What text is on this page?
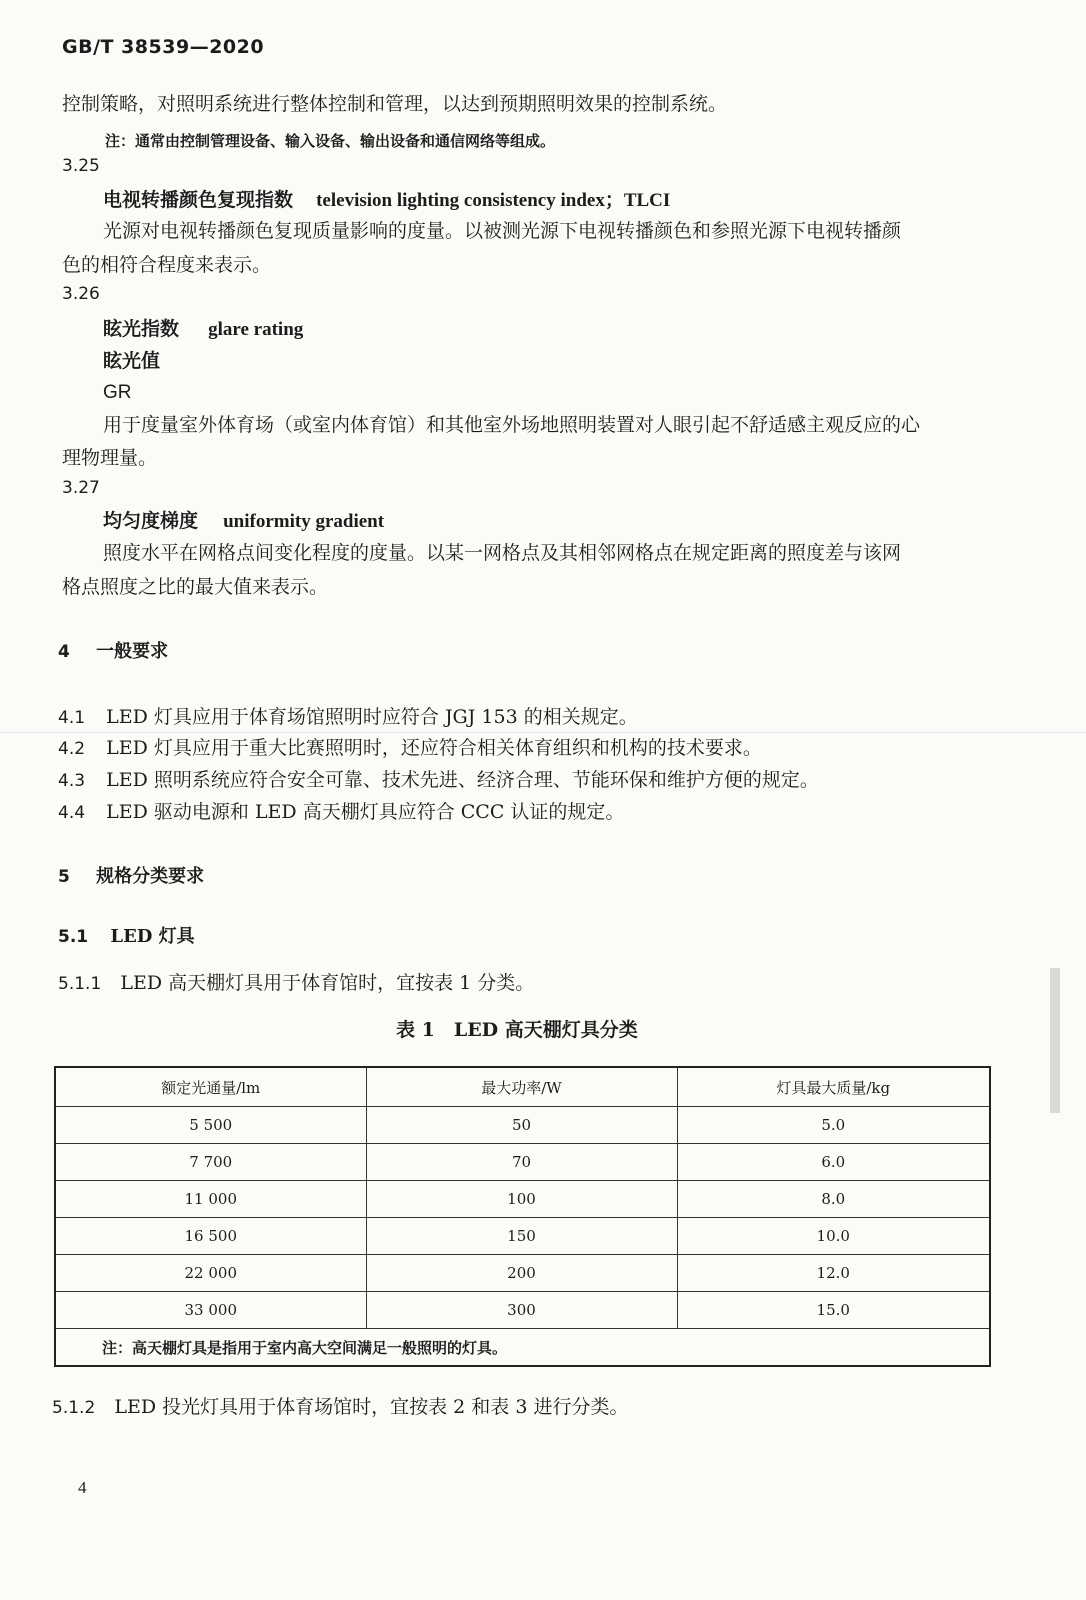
GB/T 38539—2020
控制策略，对照明系统进行整体控制和管理，以达到预期照明效果的控制系统。
注：通常由控制管理设备、输入设备、输出设备和通信网络等组成。
3.25
电视转播颜色复现指数 television lighting consistency index；TLCI
光源对电视转播颜色复现质量影响的度量。以被测光源下电视转播颜色和参照光源下电视转播颜
色的相符合程度来表示。
3.26
眩光指数 glare rating
眩光值
GR
用于度量室外体育场（或室内体育馆）和其他室外场地照明装置对人眼引起不舒适感主观反应的心
理物理量。
3.27
均匀度梯度 uniformity gradient
照度水平在网格点间变化程度的度量。以某一网格点及其相邻网格点在规定距离的照度差与该网
格点照度之比的最大值来表示。
4 一般要求
4.1 LED 灯具应用于体育场馆照明时应符合 JGJ 153 的相关规定。
4.2 LED 灯具应用于重大比赛照明时，还应符合相关体育组织和机构的技术要求。
4.3 LED 照明系统应符合安全可靠、技术先进、经济合理、节能环保和维护方便的规定。
4.4 LED 驱动电源和 LED 高天棚灯具应符合 CCC 认证的规定。
5 规格分类要求
5.1 LED 灯具
5.1.1 LED 高天棚灯具用于体育馆时，宜按表 1 分类。
表 1　LED 高天棚灯具分类
额定光通量/lm	最大功率/W	灯具最大质量/kg
5 500	50	5.0
7 700	70	6.0
11 000	100	8.0
16 500	150	10.0
22 000	200	12.0
33 000	300	15.0
注：高天棚灯具是指用于室内高大空间满足一般照明的灯具。		
5.1.2 LED 投光灯具用于体育场馆时，宜按表 2 和表 3 进行分类。
4
